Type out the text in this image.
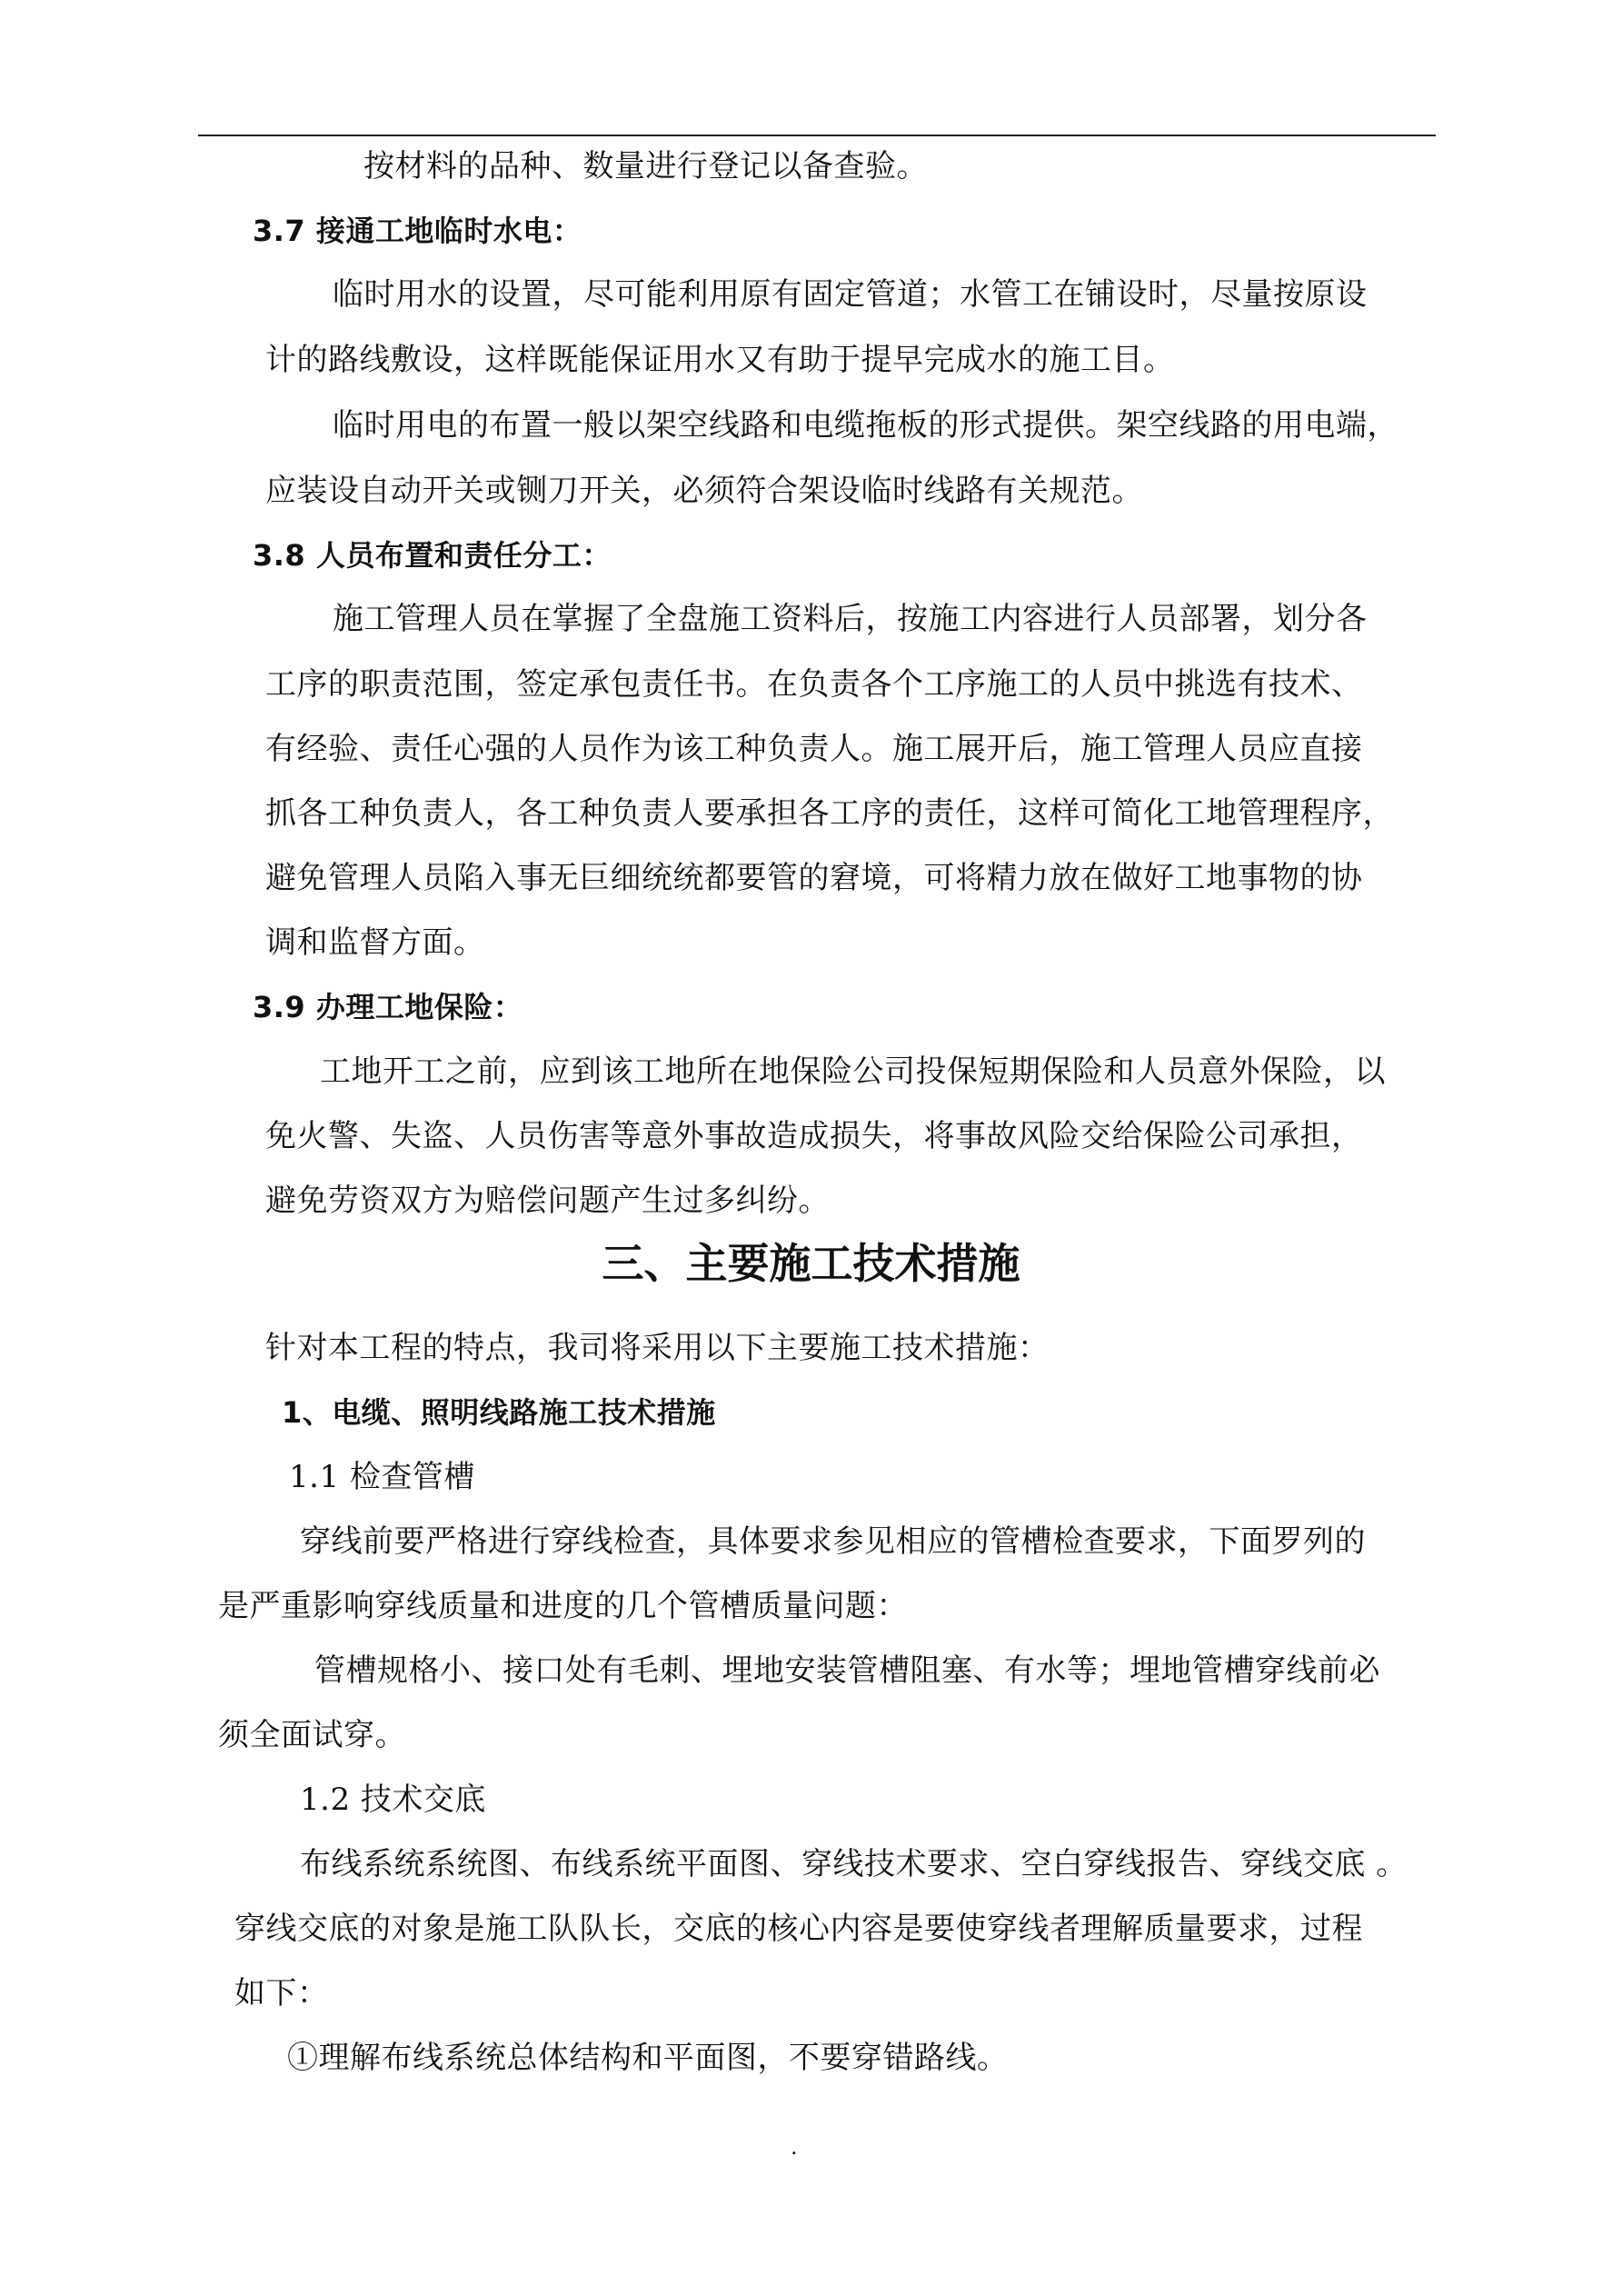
按材料的品种、数量进行登记以备查验。
3.7 接通工地临时水电：
临时用水的设置，尽可能利用原有固定管道；水管工在铺设时，尽量按原设
计的路线敷设，这样既能保证用水又有助于提早完成水的施工目。
临时用电的布置一般以架空线路和电缆拖板的形式提供。架空线路的用电端，
应装设自动开关或铡刀开关，必须符合架设临时线路有关规范。
3.8 人员布置和责任分工：
施工管理人员在掌握了全盘施工资料后，按施工内容进行人员部署，划分各
工序的职责范围，签定承包责任书。在负责各个工序施工的人员中挑选有技术、
有经验、责任心强的人员作为该工种负责人。施工展开后，施工管理人员应直接
抓各工种负责人，各工种负责人要承担各工序的责任，这样可简化工地管理程序，
避免管理人员陷入事无巨细统统都要管的窘境，可将精力放在做好工地事物的协
调和监督方面。
3.9 办理工地保险：
工地开工之前，应到该工地所在地保险公司投保短期保险和人员意外保险，以
免火警、失盗、人员伤害等意外事故造成损失，将事故风险交给保险公司承担，
避免劳资双方为赔偿问题产生过多纠纷。
三、主要施工技术措施
针对本工程的特点，我司将采用以下主要施工技术措施：
1、电缆、照明线路施工技术措施
1.1 检查管槽
穿线前要严格进行穿线检查，具体要求参见相应的管槽检查要求，下面罗列的
是严重影响穿线质量和进度的几个管槽质量问题：
管槽规格小、接口处有毛刺、埋地安装管槽阻塞、有水等；埋地管槽穿线前必
须全面试穿。
1.2 技术交底
布线系统系统图、布线系统平面图、穿线技术要求、空白穿线报告、穿线交底 。
穿线交底的对象是施工队队长，交底的核心内容是要使穿线者理解质量要求，过程
如下：
①理解布线系统总体结构和平面图，不要穿错路线。
.
